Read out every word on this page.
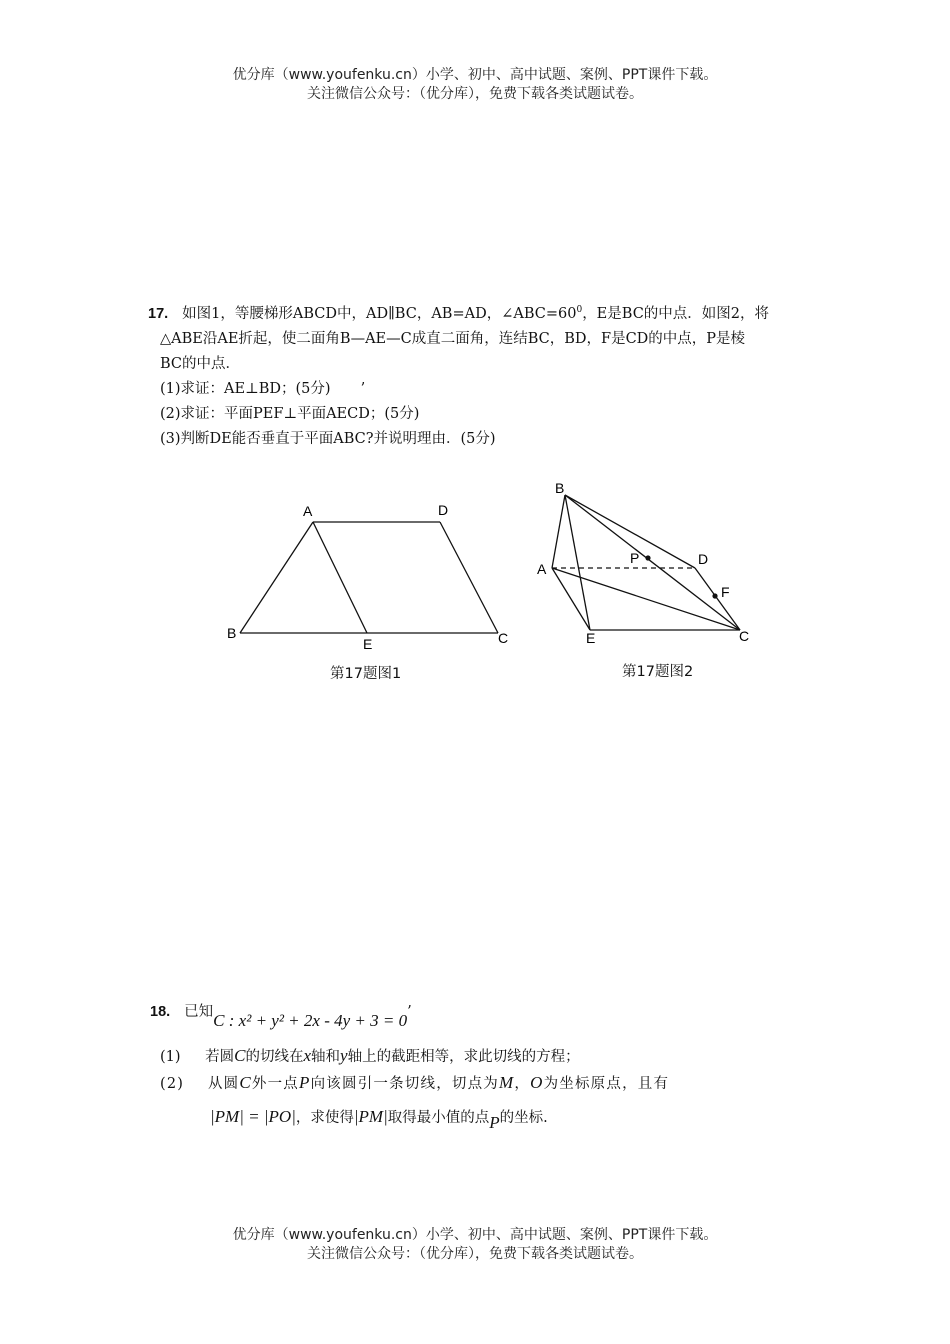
优分库（www.youfenku.cn）小学、初中、高中试题、案例、PPT课件下载。
关注微信公众号：（优分库），免费下载各类试题试卷。
17. 如图1，等腰梯形ABCD中，AD∥BC，AB=AD，$\angle ABC=60^0$，E是BC的中点．如图2，将
△ABE沿AE折起，使二面角B—AE—C成直二面角，连结BC，BD，F是CD的中点，P是棱
BC的中点．
(1)求证：AE⊥BD；(5分) ’
(2)求证：平面PEF⊥平面AECD；(5分)
(3)判断DE能否垂直于平面ABC?并说明理由．(5分)
A	D
B
E	C
第17题图1
B
A
P	D
F
E	C
第17题图2
18. 已知C : x² + y² + 2x - 4y + 3 = 0’
(1) 若圆C的切线在x轴和y轴上的截距相等，求此切线的方程；
(2) 从圆C外一点P向该圆引一条切线，切点为M，O为坐标原点，且有
|PM| = |PO|，求使得|PM|取得最小值的点P的坐标.
优分库（www.youfenku.cn）小学、初中、高中试题、案例、PPT课件下载。
关注微信公众号：（优分库），免费下载各类试题试卷。
